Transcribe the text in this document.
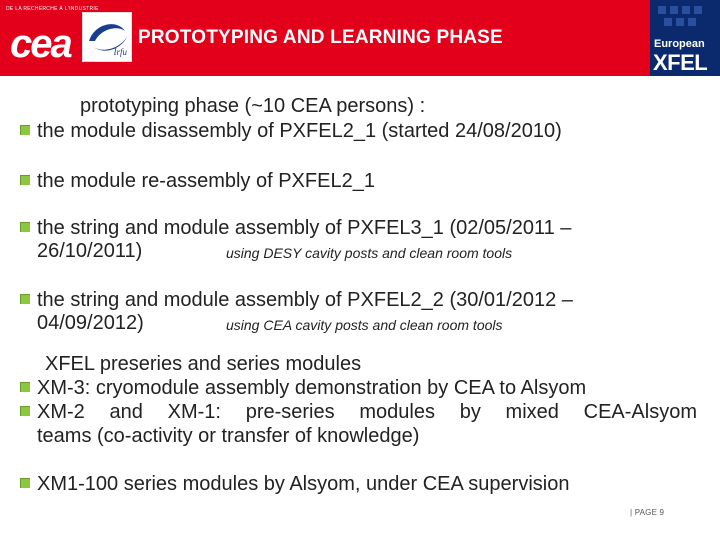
DE LA RECHERCHE À L'INDUSTRIE
cea	Irfu
PROTOTYPING AND LEARNING PHASE	European
XFEL
prototyping phase (~10 CEA persons) :
the module disassembly of PXFEL2_1 (started 24/08/2010)
the module re-assembly of PXFEL2_1
the string and module assembly of PXFEL3_1 (02/05/2011 –
26/10/2011)	using DESY cavity posts and clean room tools
the string and module assembly of PXFEL2_2 (30/01/2012 –
04/09/2012)	using CEA cavity posts and clean room tools
XFEL preseries and series modules
XM-3: cryomodule assembly demonstration by CEA to Alsyom
XM-2 and XM-1: pre-series modules by mixed CEA-Alsyom
teams (co-activity or transfer of knowledge)
XM1-100 series modules by Alsyom, under CEA supervision
| PAGE 9
